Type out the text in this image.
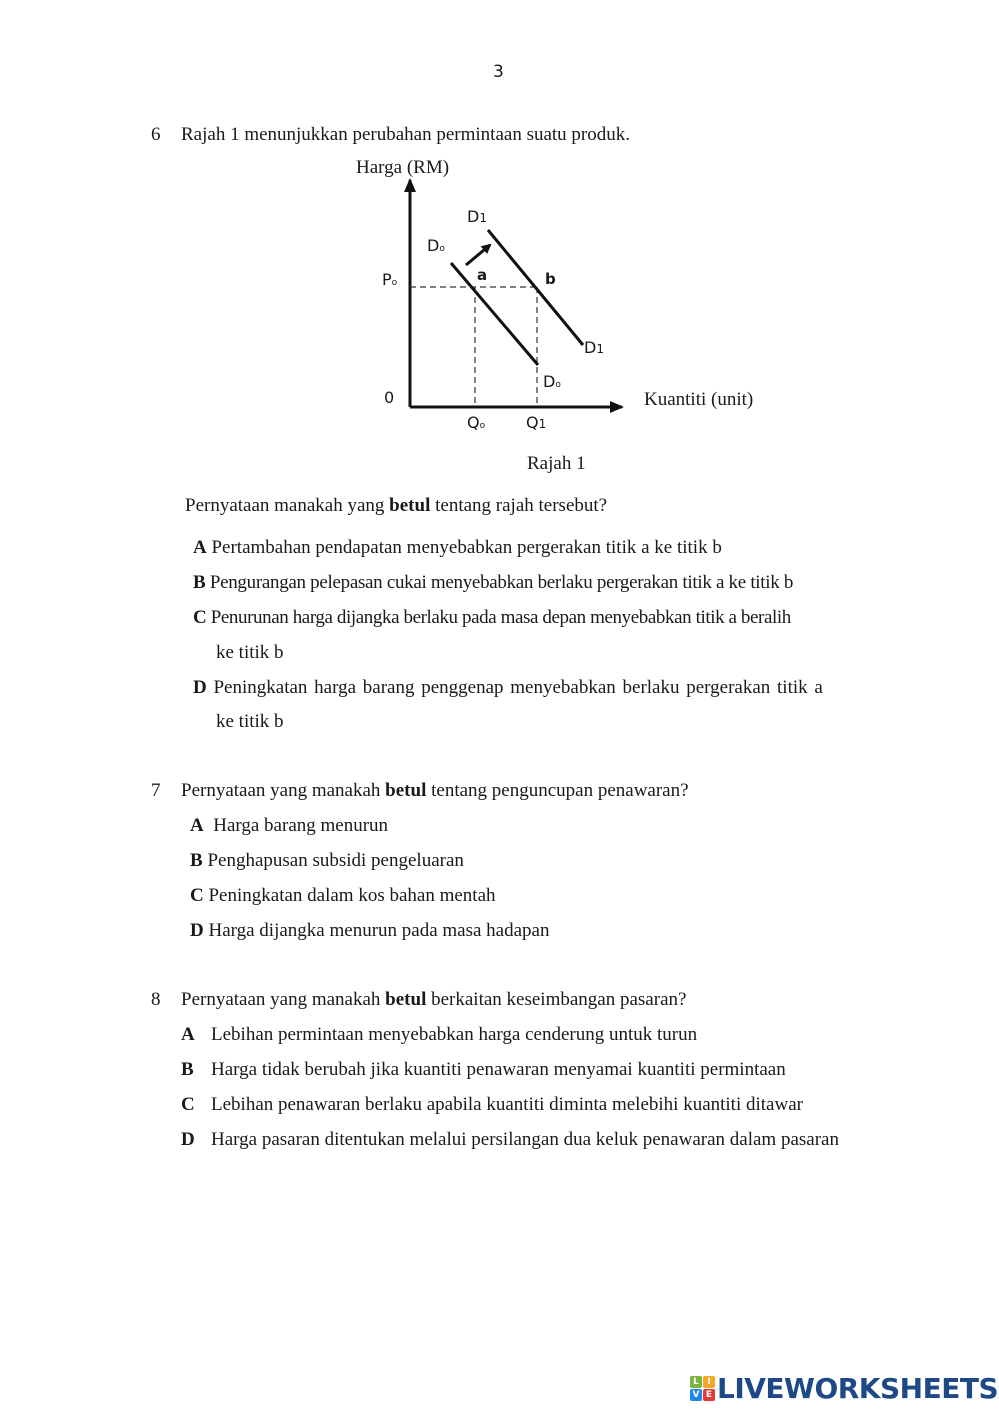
3
6 Rajah 1 menunjukkan perubahan permintaan suatu produk.
Harga (RM)
Kuantiti (unit)
0
Po
Qo	Q1
Do
Do
D1
D1
a	b
Rajah 1
Pernyataan manakah yang betul tentang rajah tersebut?
A Pertambahan pendapatan menyebabkan pergerakan titik a ke titik b
B Pengurangan pelepasan cukai menyebabkan berlaku pergerakan titik a ke titik b
C Penurunan harga dijangka berlaku pada masa depan menyebabkan titik a beralih
ke titik b
D Peningkatan harga barang penggenap menyebabkan berlaku pergerakan titik a
ke titik b
7 Pernyataan yang manakah betul tentang penguncupan penawaran?
A Harga barang menurun
B Penghapusan subsidi pengeluaran
C Peningkatan dalam kos bahan mentah
D Harga dijangka menurun pada masa hadapan
8 Pernyataan yang manakah betul berkaitan keseimbangan pasaran?
A Lebihan permintaan menyebabkan harga cenderung untuk turun
B Harga tidak berubah jika kuantiti penawaran menyamai kuantiti permintaan
C Lebihan penawaran berlaku apabila kuantiti diminta melebihi kuantiti ditawar
D Harga pasaran ditentukan melalui persilangan dua keluk penawaran dalam pasaran
L I
V E LIVEWORKSHEETS
